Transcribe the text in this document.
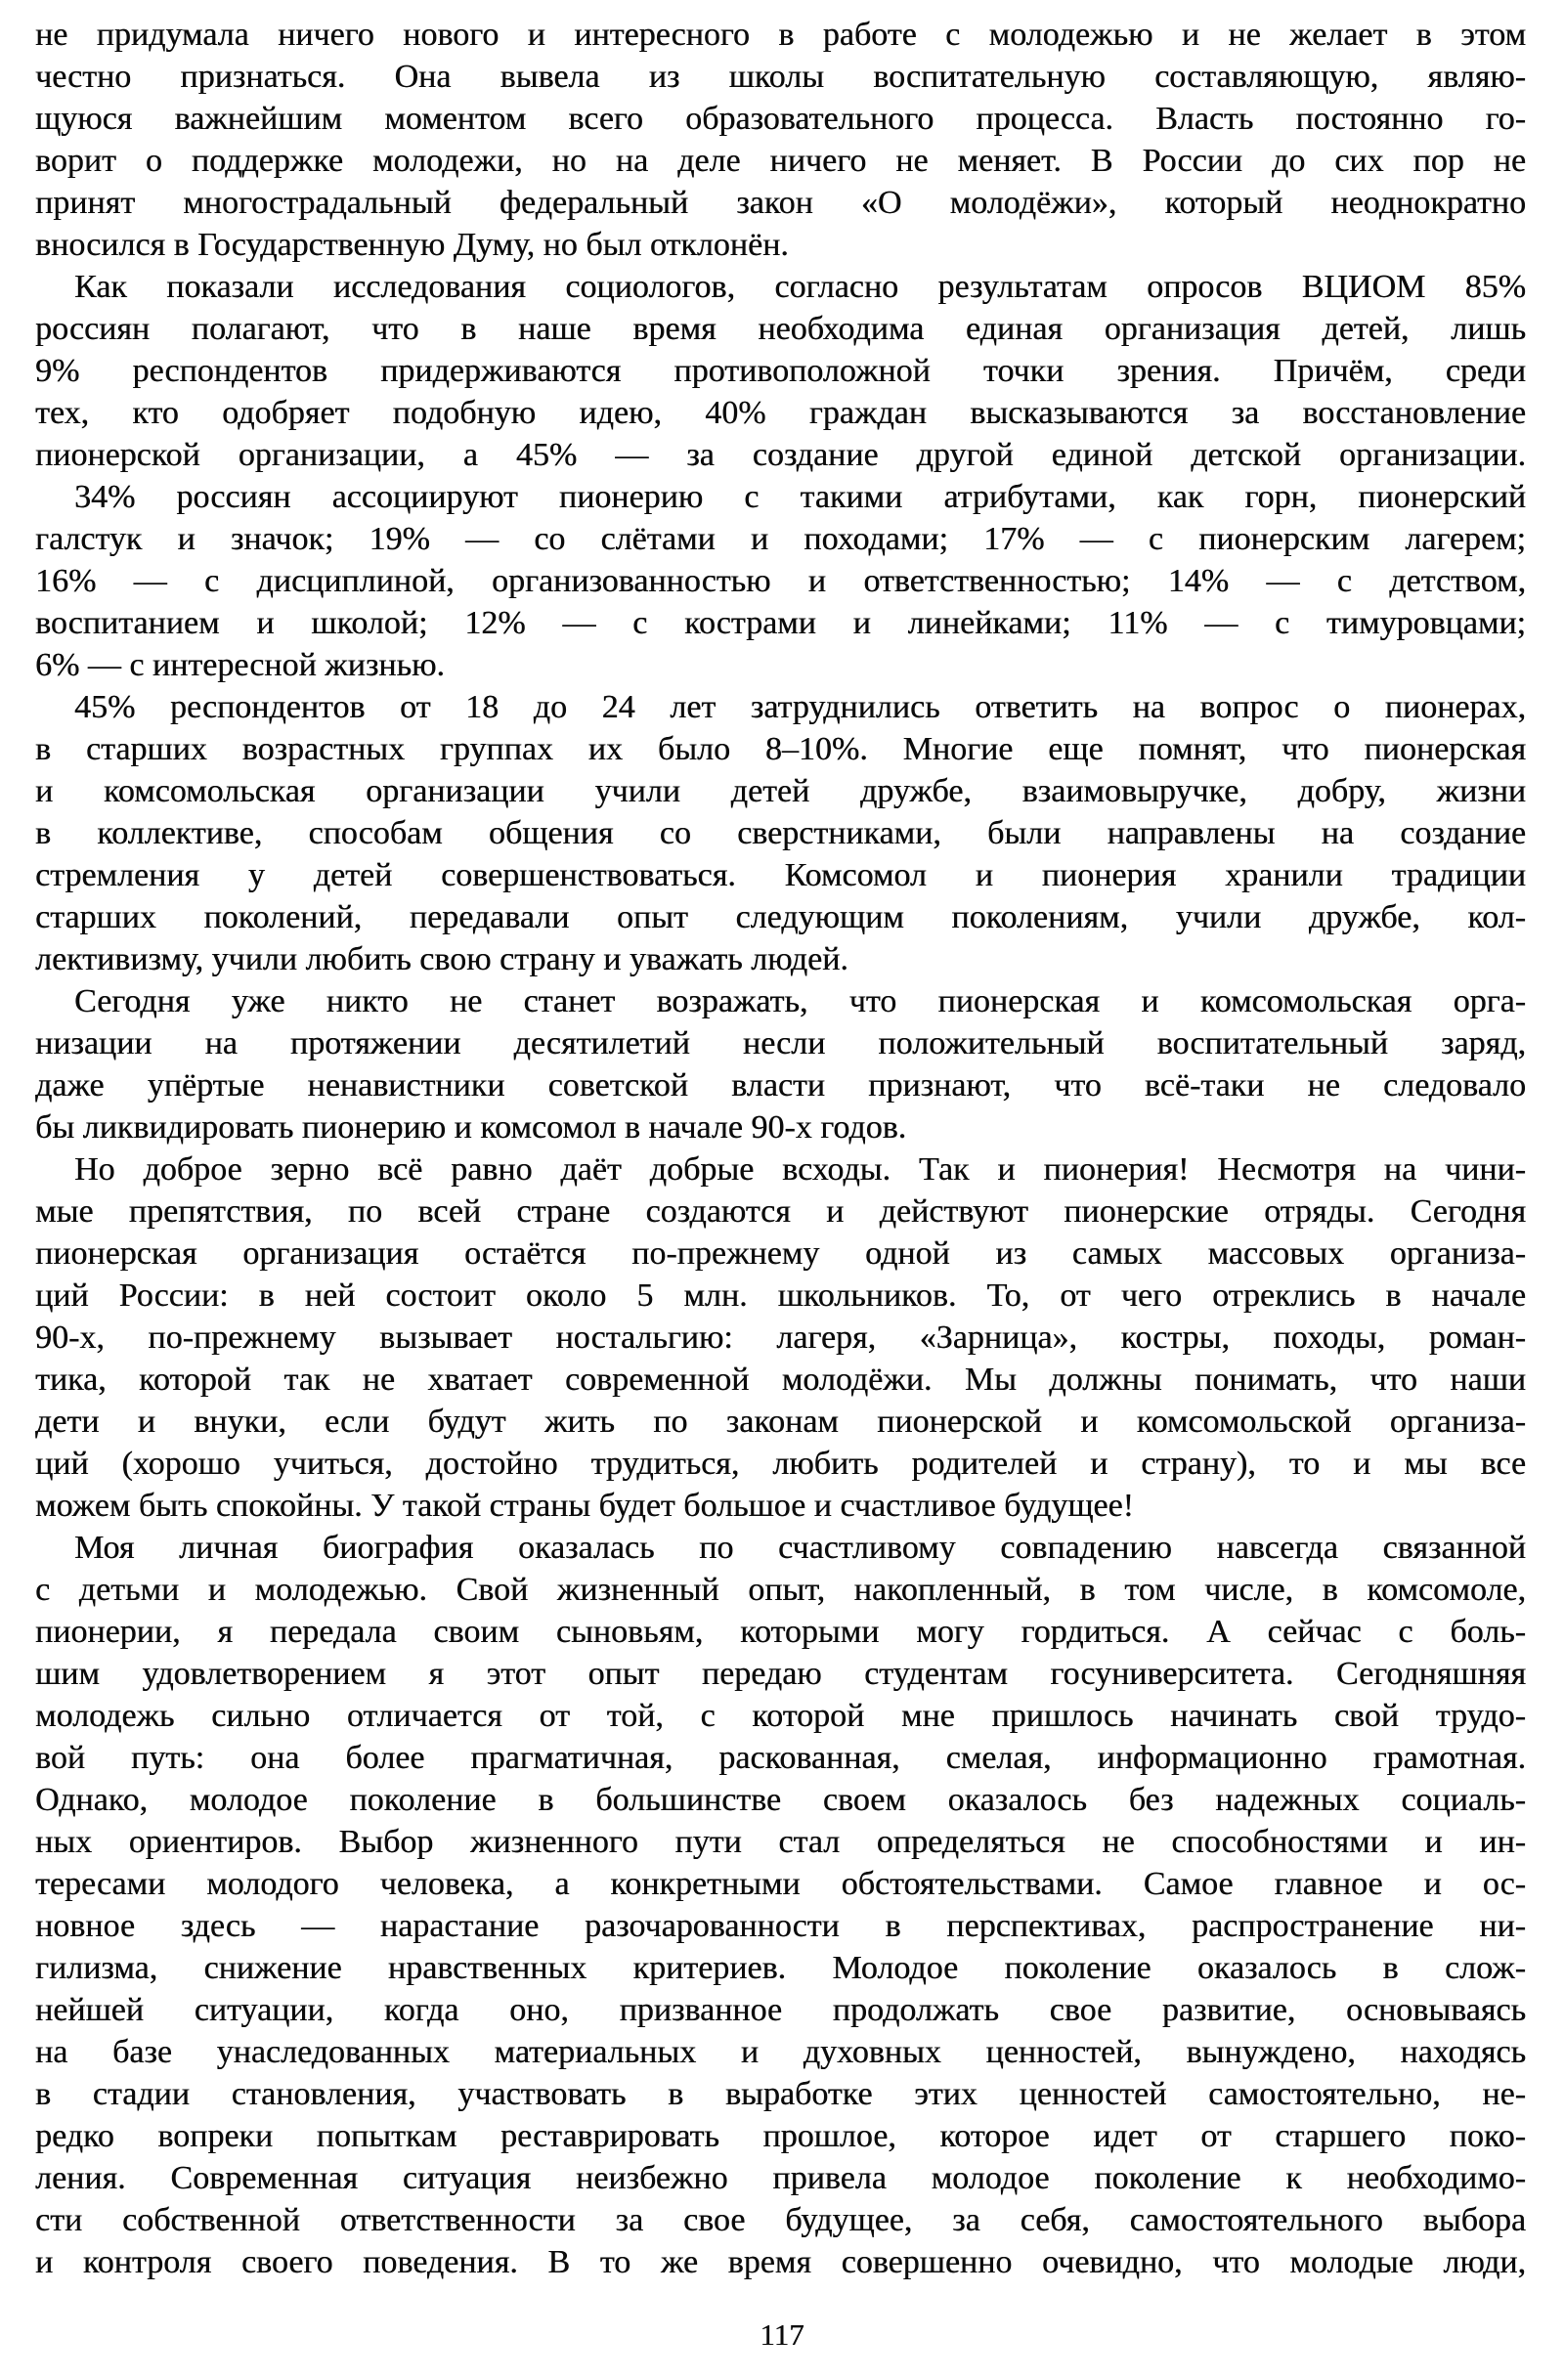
не придумала ничего нового и интересного в работе с молодежью и не желает в этом
честно признаться. Она вывела из школы воспитательную составляющую, являю-
щуюся важнейшим моментом всего образовательного процесса. Власть постоянно го-
ворит о поддержке молодежи, но на деле ничего не меняет. В России до сих пор не
принят многострадальный федеральный закон «О молодёжи», который неоднократно
вносился в Государственную Думу, но был отклонён.
Как показали исследования социологов, согласно результатам опросов ВЦИОМ 85%
россиян полагают, что в наше время необходима единая организация детей, лишь
9% респондентов придерживаются противоположной точки зрения. Причём, среди
тех, кто одобряет подобную идею, 40% граждан высказываются за восстановление
пионерской организации, а 45% — за создание другой единой детской организации.
34% россиян ассоциируют пионерию с такими атрибутами, как горн, пионерский
галстук и значок; 19% — со слётами и походами; 17% — с пионерским лагерем;
16% — с дисциплиной, организованностью и ответственностью; 14% — с детством,
воспитанием и школой; 12% — с кострами и линейками; 11% — с тимуровцами;
6% — с интересной жизнью.
45% респондентов от 18 до 24 лет затруднились ответить на вопрос о пионерах,
в старших возрастных группах их было 8–10%. Многие еще помнят, что пионерская
и комсомольская организации учили детей дружбе, взаимовыручке, добру, жизни
в коллективе, способам общения со сверстниками, были направлены на создание
стремления у детей совершенствоваться. Комсомол и пионерия хранили традиции
старших поколений, передавали опыт следующим поколениям, учили дружбе, кол-
лективизму, учили любить свою страну и уважать людей.
Сегодня уже никто не станет возражать, что пионерская и комсомольская орга-
низации на протяжении десятилетий несли положительный воспитательный заряд,
даже упёртые ненавистники советской власти признают, что всё-таки не следовало
бы ликвидировать пионерию и комсомол в начале 90-х годов.
Но доброе зерно всё равно даёт добрые всходы. Так и пионерия! Несмотря на чини-
мые препятствия, по всей стране создаются и действуют пионерские отряды. Сегодня
пионерская организация остаётся по-прежнему одной из самых массовых организа-
ций России: в ней состоит около 5 млн. школьников. То, от чего отреклись в начале
90-х, по-прежнему вызывает ностальгию: лагеря, «Зарница», костры, походы, роман-
тика, которой так не хватает современной молодёжи. Мы должны понимать, что наши
дети и внуки, если будут жить по законам пионерской и комсомольской организа-
ций (хорошо учиться, достойно трудиться, любить родителей и страну), то и мы все
можем быть спокойны. У такой страны будет большое и счастливое будущее!
Моя личная биография оказалась по счастливому совпадению навсегда связанной
с детьми и молодежью. Свой жизненный опыт, накопленный, в том числе, в комсомоле,
пионерии, я передала своим сыновьям, которыми могу гордиться. А сейчас с боль-
шим удовлетворением я этот опыт передаю студентам госуниверситета. Сегодняшняя
молодежь сильно отличается от той, с которой мне пришлось начинать свой трудо-
вой путь: она более прагматичная, раскованная, смелая, информационно грамотная.
Однако, молодое поколение в большинстве своем оказалось без надежных социаль-
ных ориентиров. Выбор жизненного пути стал определяться не способностями и ин-
тересами молодого человека, а конкретными обстоятельствами. Самое главное и ос-
новное здесь — нарастание разочарованности в перспективах, распространение ни-
гилизма, снижение нравственных критериев. Молодое поколение оказалось в слож-
нейшей ситуации, когда оно, призванное продолжать свое развитие, основываясь
на базе унаследованных материальных и духовных ценностей, вынуждено, находясь
в стадии становления, участвовать в выработке этих ценностей самостоятельно, не-
редко вопреки попыткам реставрировать прошлое, которое идет от старшего поко-
ления. Современная ситуация неизбежно привела молодое поколение к необходимо-
сти собственной ответственности за свое будущее, за себя, самостоятельного выбора
и контроля своего поведения. В то же время совершенно очевидно, что молодые люди,
117
